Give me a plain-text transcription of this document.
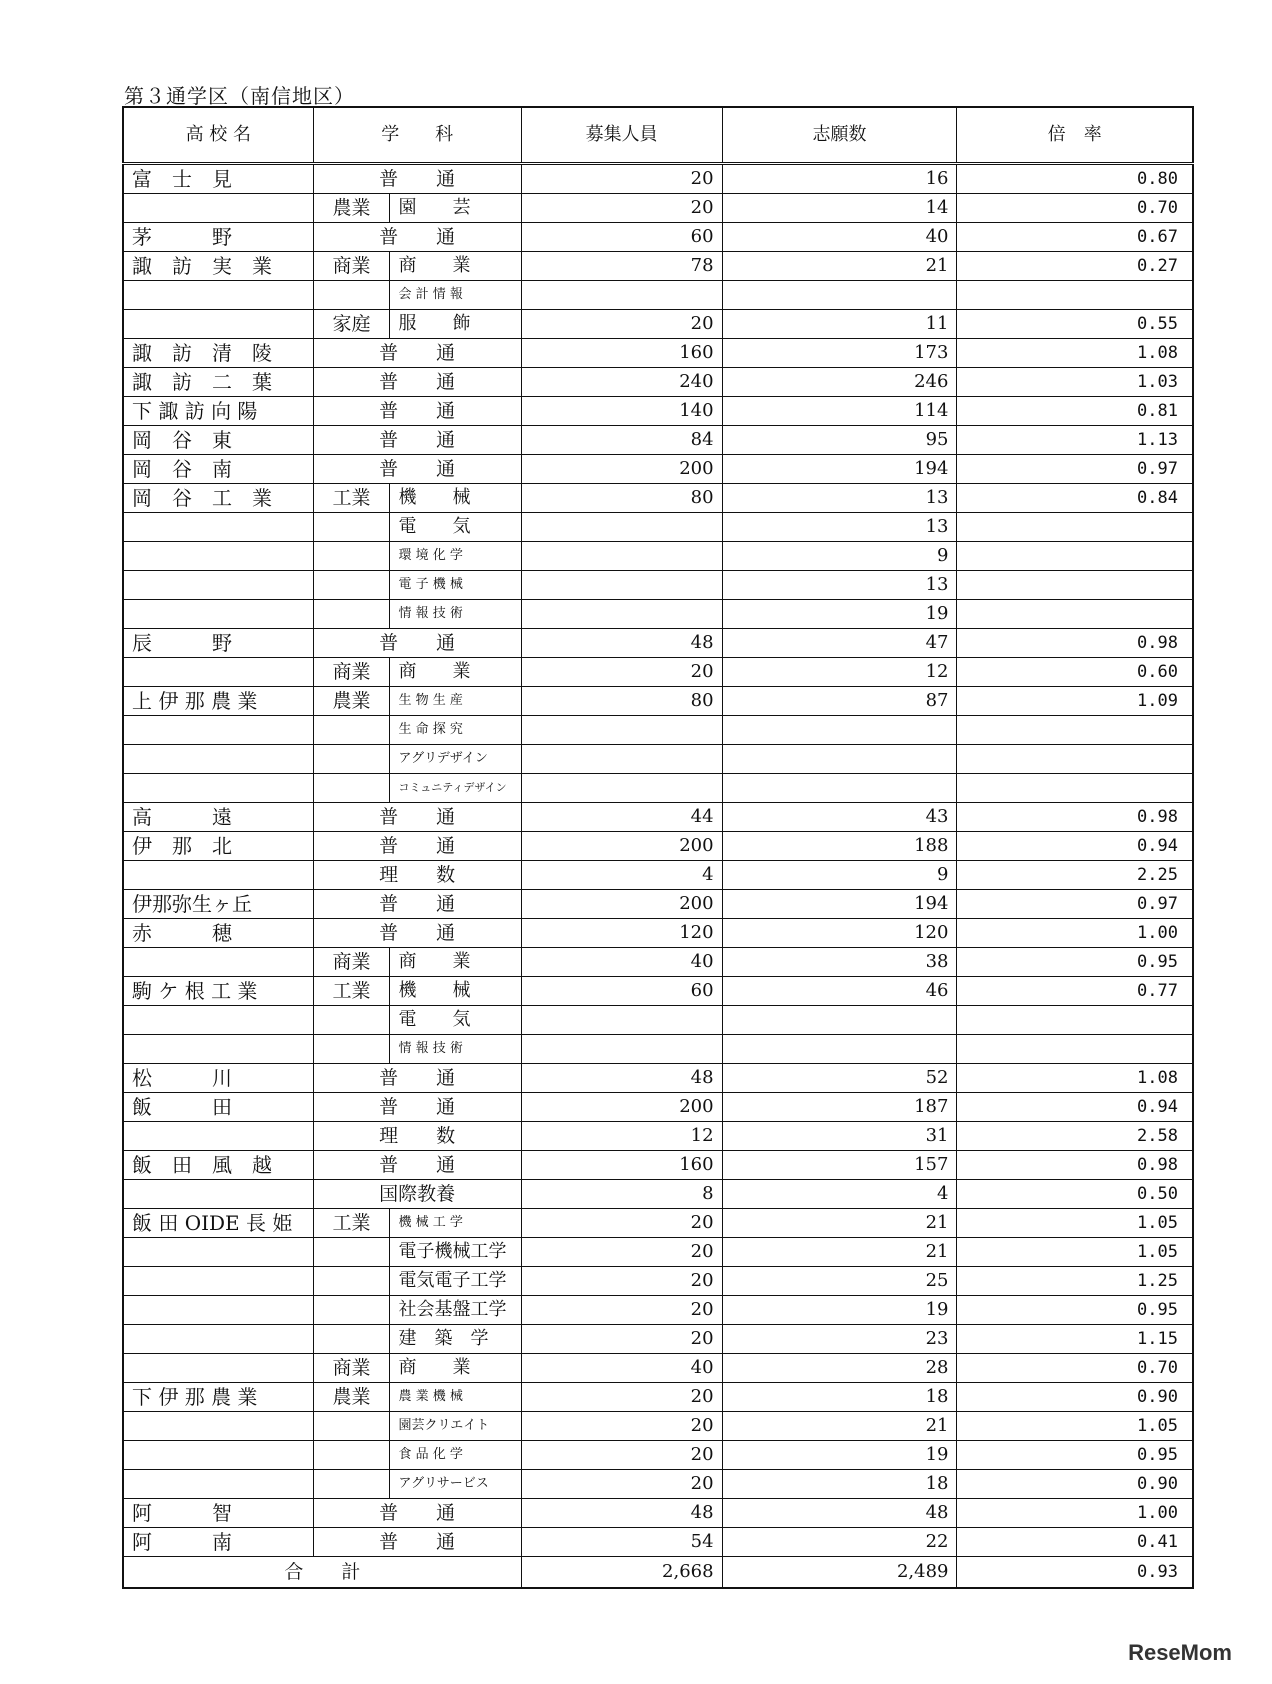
第３通学区（南信地区）
高 校 名	学　　科		募集人員	志願数	倍　率
富　士　見	普　　通		20	16	0.80
	農業	園　　芸	20	14	0.70
茅　　　野	普　　通		60	40	0.67
諏　訪　実　業	商業	商　　業	78	21	0.27
		会 計 情 報			
	家庭	服　　飾	20	11	0.55
諏　訪　清　陵	普　　通		160	173	1.08
諏　訪　二　葉	普　　通		240	246	1.03
下 諏 訪 向 陽	普　　通		140	114	0.81
岡　谷　東	普　　通		84	95	1.13
岡　谷　南	普　　通		200	194	0.97
岡　谷　工　業	工業	機　　械	80	13	0.84
		電　　気		13	
		環 境 化 学		9	
		電 子 機 械		13	
		情 報 技 術		19	
辰　　　野	普　　通		48	47	0.98
	商業	商　　業	20	12	0.60
上 伊 那 農 業	農業	生 物 生 産	80	87	1.09
		生 命 探 究			
		アグリデザイン			
		コミュニティデザイン			
高　　　遠	普　　通		44	43	0.98
伊　那　北	普　　通		200	188	0.94
	理　　数		4	9	2.25
伊那弥生ヶ丘	普　　通		200	194	0.97
赤　　　穂	普　　通		120	120	1.00
	商業	商　　業	40	38	0.95
駒 ケ 根 工 業	工業	機　　械	60	46	0.77
		電　　気			
		情 報 技 術			
松　　　川	普　　通		48	52	1.08
飯　　　田	普　　通		200	187	0.94
	理　　数		12	31	2.58
飯　田　風　越	普　　通		160	157	0.98
	国際教養		8	4	0.50
飯 田 OIDE 長 姫	工業	機 械 工 学	20	21	1.05
		電子機械工学	20	21	1.05
		電気電子工学	20	25	1.25
		社会基盤工学	20	19	0.95
		建　築　学	20	23	1.15
	商業	商　　業	40	28	0.70
下 伊 那 農 業	農業	農 業 機 械	20	18	0.90
		園芸クリエイト	20	21	1.05
		食 品 化 学	20	19	0.95
		アグリサービス	20	18	0.90
阿　　　智	普　　通		48	48	1.00
阿　　　南	普　　通		54	22	0.41
合　　計			2,668	2,489	0.93
ReseMom
